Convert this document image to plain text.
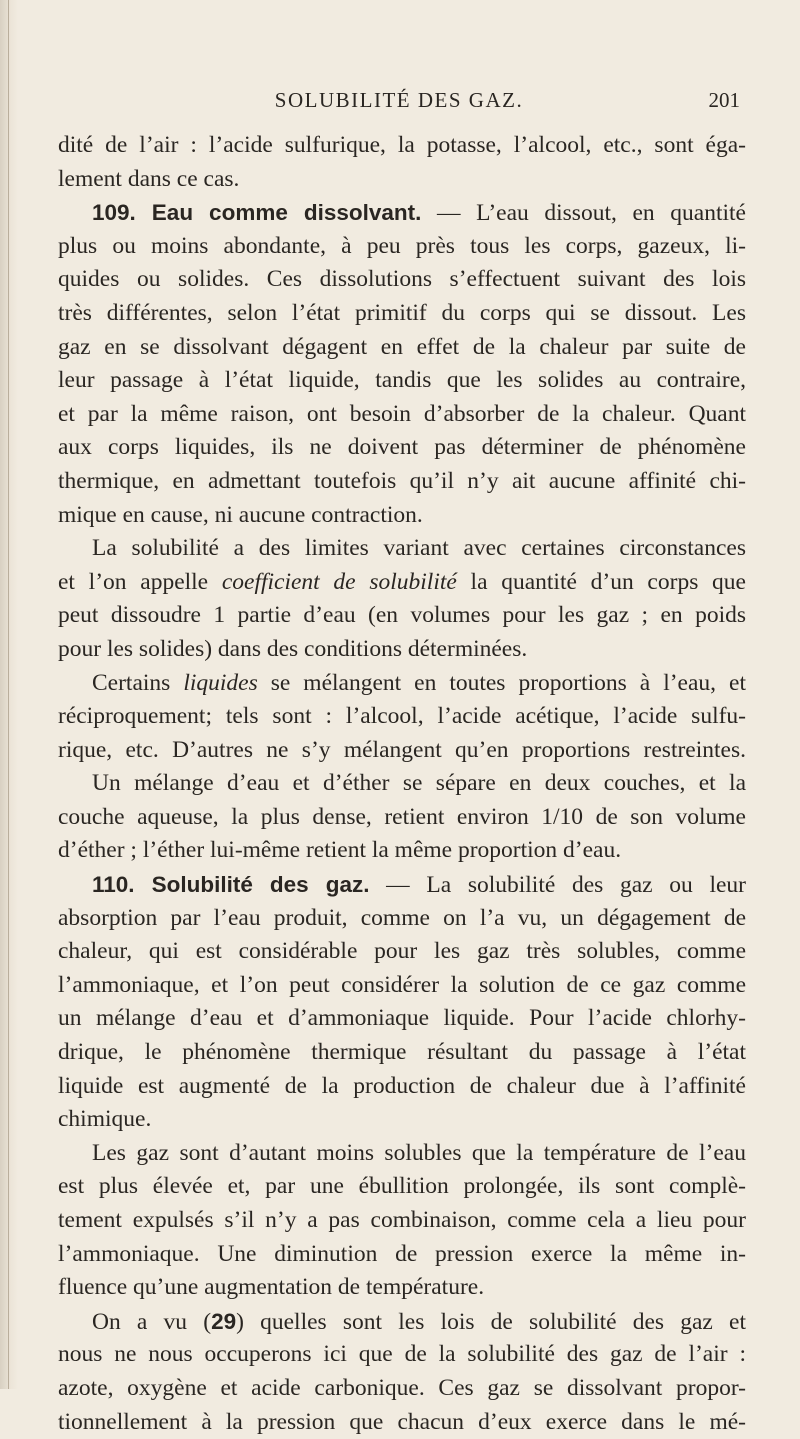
SOLUBILITÉ DES GAZ.	201
dité de l’air : l’acide sulfurique, la potasse, l’alcool, etc., sont éga-
lement dans ce cas.
109. Eau comme dissolvant. — L’eau dissout, en quantité
plus ou moins abondante, à peu près tous les corps, gazeux, li-
quides ou solides. Ces dissolutions s’effectuent suivant des lois
très différentes, selon l’état primitif du corps qui se dissout. Les
gaz en se dissolvant dégagent en effet de la chaleur par suite de
leur passage à l’état liquide, tandis que les solides au contraire,
et par la même raison, ont besoin d’absorber de la chaleur. Quant
aux corps liquides, ils ne doivent pas déterminer de phénomène
thermique, en admettant toutefois qu’il n’y ait aucune affinité chi-
mique en cause, ni aucune contraction.
La solubilité a des limites variant avec certaines circonstances
et l’on appelle coefficient de solubilité la quantité d’un corps que
peut dissoudre 1 partie d’eau (en volumes pour les gaz ; en poids
pour les solides) dans des conditions déterminées.
Certains liquides se mélangent en toutes proportions à l’eau, et
réciproquement; tels sont : l’alcool, l’acide acétique, l’acide sulfu-
rique, etc. D’autres ne s’y mélangent qu’en proportions restreintes.
Un mélange d’eau et d’éther se sépare en deux couches, et la
couche aqueuse, la plus dense, retient environ 1/10 de son volume
d’éther ; l’éther lui-même retient la même proportion d’eau.
110. Solubilité des gaz. — La solubilité des gaz ou leur
absorption par l’eau produit, comme on l’a vu, un dégagement de
chaleur, qui est considérable pour les gaz très solubles, comme
l’ammoniaque, et l’on peut considérer la solution de ce gaz comme
un mélange d’eau et d’ammoniaque liquide. Pour l’acide chlorhy-
drique, le phénomène thermique résultant du passage à l’état
liquide est augmenté de la production de chaleur due à l’affinité
chimique.
Les gaz sont d’autant moins solubles que la température de l’eau
est plus élevée et, par une ébullition prolongée, ils sont complè-
tement expulsés s’il n’y a pas combinaison, comme cela a lieu pour
l’ammoniaque. Une diminution de pression exerce la même in-
fluence qu’une augmentation de température.
On a vu (29) quelles sont les lois de solubilité des gaz et
nous ne nous occuperons ici que de la solubilité des gaz de l’air :
azote, oxygène et acide carbonique. Ces gaz se dissolvant propor-
tionnellement à la pression que chacun d’eux exerce dans le mé-
